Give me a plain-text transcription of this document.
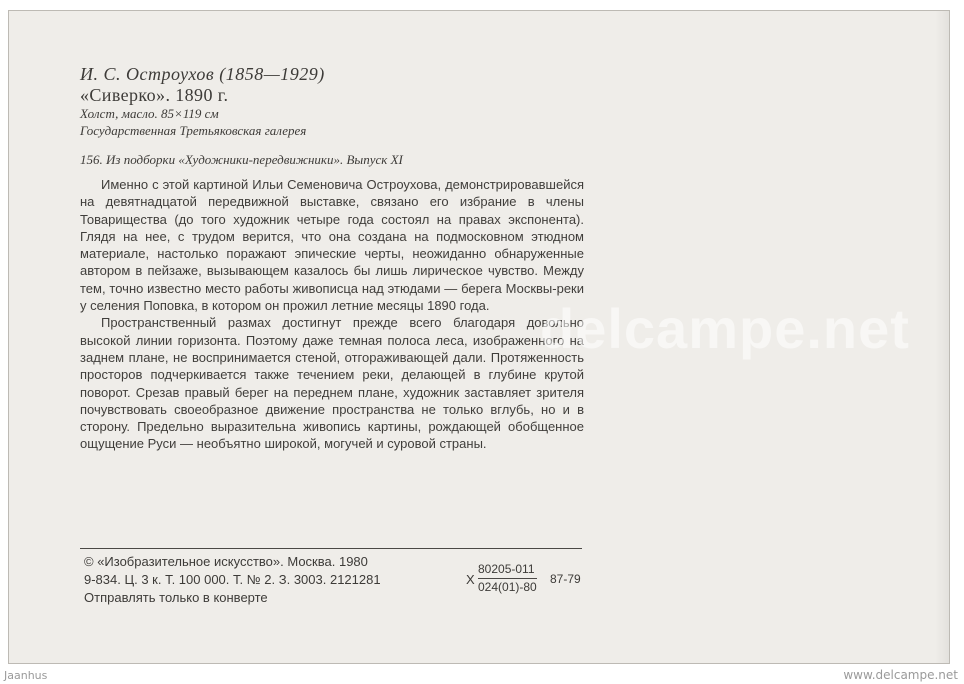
И. С. Остроухов (1858—1929)
«Сиверко». 1890 г.
Холст, масло. 85×119 см
Государственная Третьяковская галерея
156. Из подборки «Художники-передвижники». Выпуск XI

Именно с этой картиной Ильи Семеновича Остроухова, демонстрировавшейся на девятнадцатой передвижной выставке, связано его избрание в члены Товарищества (до того художник четыре года состоял на правах экспонента). Глядя на нее, с трудом верится, что она создана на подмосковном этюдном материале, настолько поражают эпические черты, неожиданно обнаруженные автором в пейзаже, вызывающем казалось бы лишь лирическое чувство. Между тем, точно известно место работы живописца над этюдами — берега Москвы-реки у селения Поповка, в котором он прожил летние месяцы 1890 года.

Пространственный размах достигнут прежде всего благодаря довольно высокой линии горизонта. Поэтому даже темная полоса леса, изображенного на заднем плане, не воспринимается стеной, отгораживающей дали. Протяженность просторов подчеркивается также течением реки, делающей в глубине крутой поворот. Срезав правый берег на переднем плане, художник заставляет зрителя почувствовать своеобразное движение пространства не только вглубь, но и в сторону. Предельно выразительна живопись картины, рождающей обобщенное ощущение Руси — необъятно широкой, могучей и суровой страны.

delcampe.net
© «Изобразительное искусство». Москва. 1980
9-834. Ц. 3 к. Т. 100 000. Т. № 2. З. 3003. 2121281
Отправлять только в конверте
Х $\frac{80205-011}{024(01)-80} 87-79$
Jaanhus	www.delcampe.net
